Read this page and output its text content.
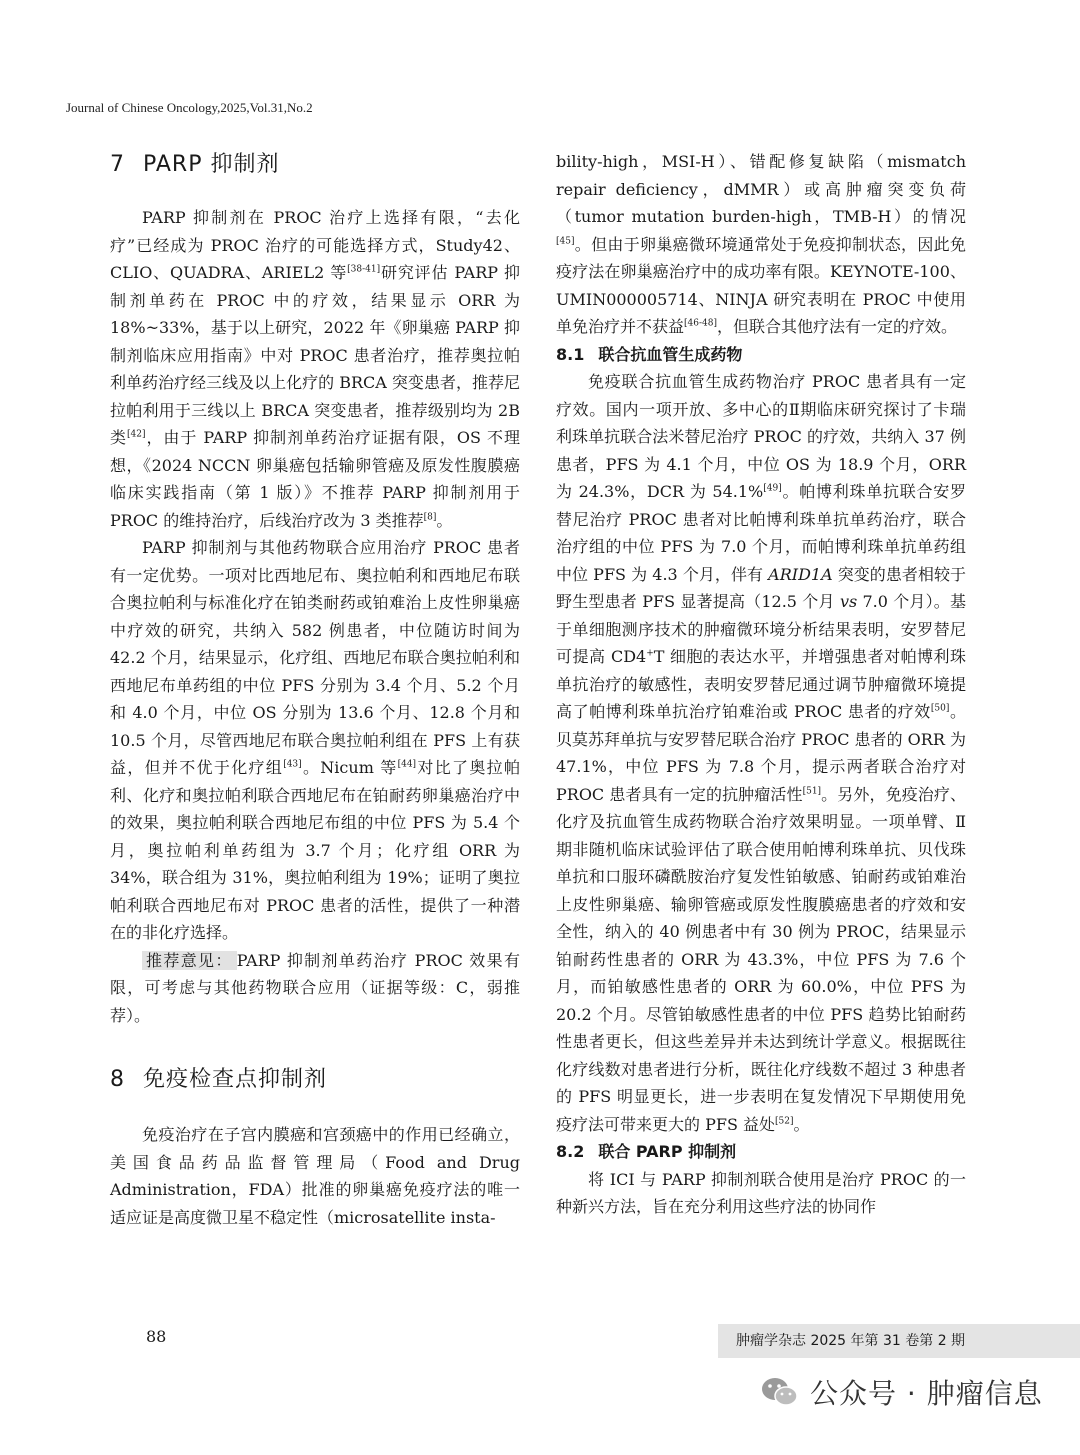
Journal of Chinese Oncology,2025,Vol.31,No.2
7 PARP 抑制剂

PARP 抑制剂在 PROC 治疗上选择有限，“去化疗”已经成为 PROC 治疗的可能选择方式，Study42、CLIO、QUADRA、ARIEL2 等[38-41]研究评估 PARP 抑制剂单药在 PROC 中的疗效，结果显示 ORR 为 18%~33%，基于以上研究，2022 年《卵巢癌 PARP 抑制剂临床应用指南》中对 PROC 患者治疗，推荐奥拉帕利单药治疗经三线及以上化疗的 BRCA 突变患者，推荐尼拉帕利用于三线以上 BRCA 突变患者，推荐级别均为 2B 类[42]，由于 PARP 抑制剂单药治疗证据有限，OS 不理想，《2024 NCCN 卵巢癌包括输卵管癌及原发性腹膜癌临床实践指南（第 1 版）》不推荐 PARP 抑制剂用于 PROC 的维持治疗，后线治疗改为 3 类推荐[8]。

PARP 抑制剂与其他药物联合应用治疗 PROC 患者有一定优势。一项对比西地尼布、奥拉帕利和西地尼布联合奥拉帕利与标准化疗在铂类耐药或铂难治上皮性卵巢癌中疗效的研究，共纳入 582 例患者，中位随访时间为 42.2 个月，结果显示，化疗组、西地尼布联合奥拉帕利和西地尼布单药组的中位 PFS 分别为 3.4 个月、5.2 个月和 4.0 个月，中位 OS 分别为 13.6 个月、12.8 个月和 10.5 个月，尽管西地尼布联合奥拉帕利组在 PFS 上有获益，但并不优于化疗组[43]。Nicum 等[44]对比了奥拉帕利、化疗和奥拉帕利联合西地尼布在铂耐药卵巢癌治疗中的效果，奥拉帕利联合西地尼布组的中位 PFS 为 5.4 个月，奥拉帕利单药组为 3.7 个月；化疗组 ORR 为 34%，联合组为 31%，奥拉帕利组为 19%；证明了奥拉帕利联合西地尼布对 PROC 患者的活性，提供了一种潜在的非化疗选择。

推荐意见： PARP 抑制剂单药治疗 PROC 效果有限，可考虑与其他药物联合应用（证据等级：C，弱推荐）。

8 免疫检查点抑制剂

免疫治疗在子宫内膜癌和宫颈癌中的作用已经确立，美国食品药品监督管理局（Food and Drug Administration，FDA）批准的卵巢癌免疫疗法的唯一适应证是高度微卫星不稳定性（microsatellite insta-

bility-high，MSI-H）、错配修复缺陷（mismatch repair deficiency，dMMR）或高肿瘤突变负荷（tumor mutation burden-high，TMB-H）的情况[45]。但由于卵巢癌微环境通常处于免疫抑制状态，因此免疫疗法在卵巢癌治疗中的成功率有限。KEYNOTE-100、UMIN000005714、NINJA 研究表明在 PROC 中使用单免治疗并不获益[46-48]，但联合其他疗法有一定的疗效。

8.1 联合抗血管生成药物

免疫联合抗血管生成药物治疗 PROC 患者具有一定疗效。国内一项开放、多中心的Ⅱ期临床研究探讨了卡瑞利珠单抗联合法米替尼治疗 PROC 的疗效，共纳入 37 例患者，PFS 为 4.1 个月，中位 OS 为 18.9 个月，ORR 为 24.3%，DCR 为 54.1%[49]。帕博利珠单抗联合安罗替尼治疗 PROC 患者对比帕博利珠单抗单药治疗，联合治疗组的中位 PFS 为 7.0 个月，而帕博利珠单抗单药组中位 PFS 为 4.3 个月，伴有 ARID1A 突变的患者相较于野生型患者 PFS 显著提高（12.5 个月 vs 7.0 个月）。基于单细胞测序技术的肿瘤微环境分析结果表明，安罗替尼可提高 CD4+T 细胞的表达水平，并增强患者对帕博利珠单抗治疗的敏感性，表明安罗替尼通过调节肿瘤微环境提高了帕博利珠单抗治疗铂难治或 PROC 患者的疗效[50]。贝莫苏拜单抗与安罗替尼联合治疗 PROC 患者的 ORR 为 47.1%，中位 PFS 为 7.8 个月，提示两者联合治疗对 PROC 患者具有一定的抗肿瘤活性[51]。另外，免疫治疗、化疗及抗血管生成药物联合治疗效果明显。一项单臂、Ⅱ期非随机临床试验评估了联合使用帕博利珠单抗、贝伐珠单抗和口服环磷酰胺治疗复发性铂敏感、铂耐药或铂难治上皮性卵巢癌、输卵管癌或原发性腹膜癌患者的疗效和安全性，纳入的 40 例患者中有 30 例为 PROC，结果显示铂耐药性患者的 ORR 为 43.3%，中位 PFS 为 7.6 个月，而铂敏感性患者的 ORR 为 60.0%，中位 PFS 为 20.2 个月。尽管铂敏感性患者的中位 PFS 趋势比铂耐药性患者更长，但这些差异并未达到统计学意义。根据既往化疗线数对患者进行分析，既往化疗线数不超过 3 种患者的 PFS 明显更长，进一步表明在复发情况下早期使用免疫疗法可带来更大的 PFS 益处[52]。

8.2 联合 PARP 抑制剂

将 ICI 与 PARP 抑制剂联合使用是治疗 PROC 的一种新兴方法，旨在充分利用这些疗法的协同作

88	肿瘤学杂志 2025 年第 31 卷第 2 期
公众号 · 肿瘤信息
